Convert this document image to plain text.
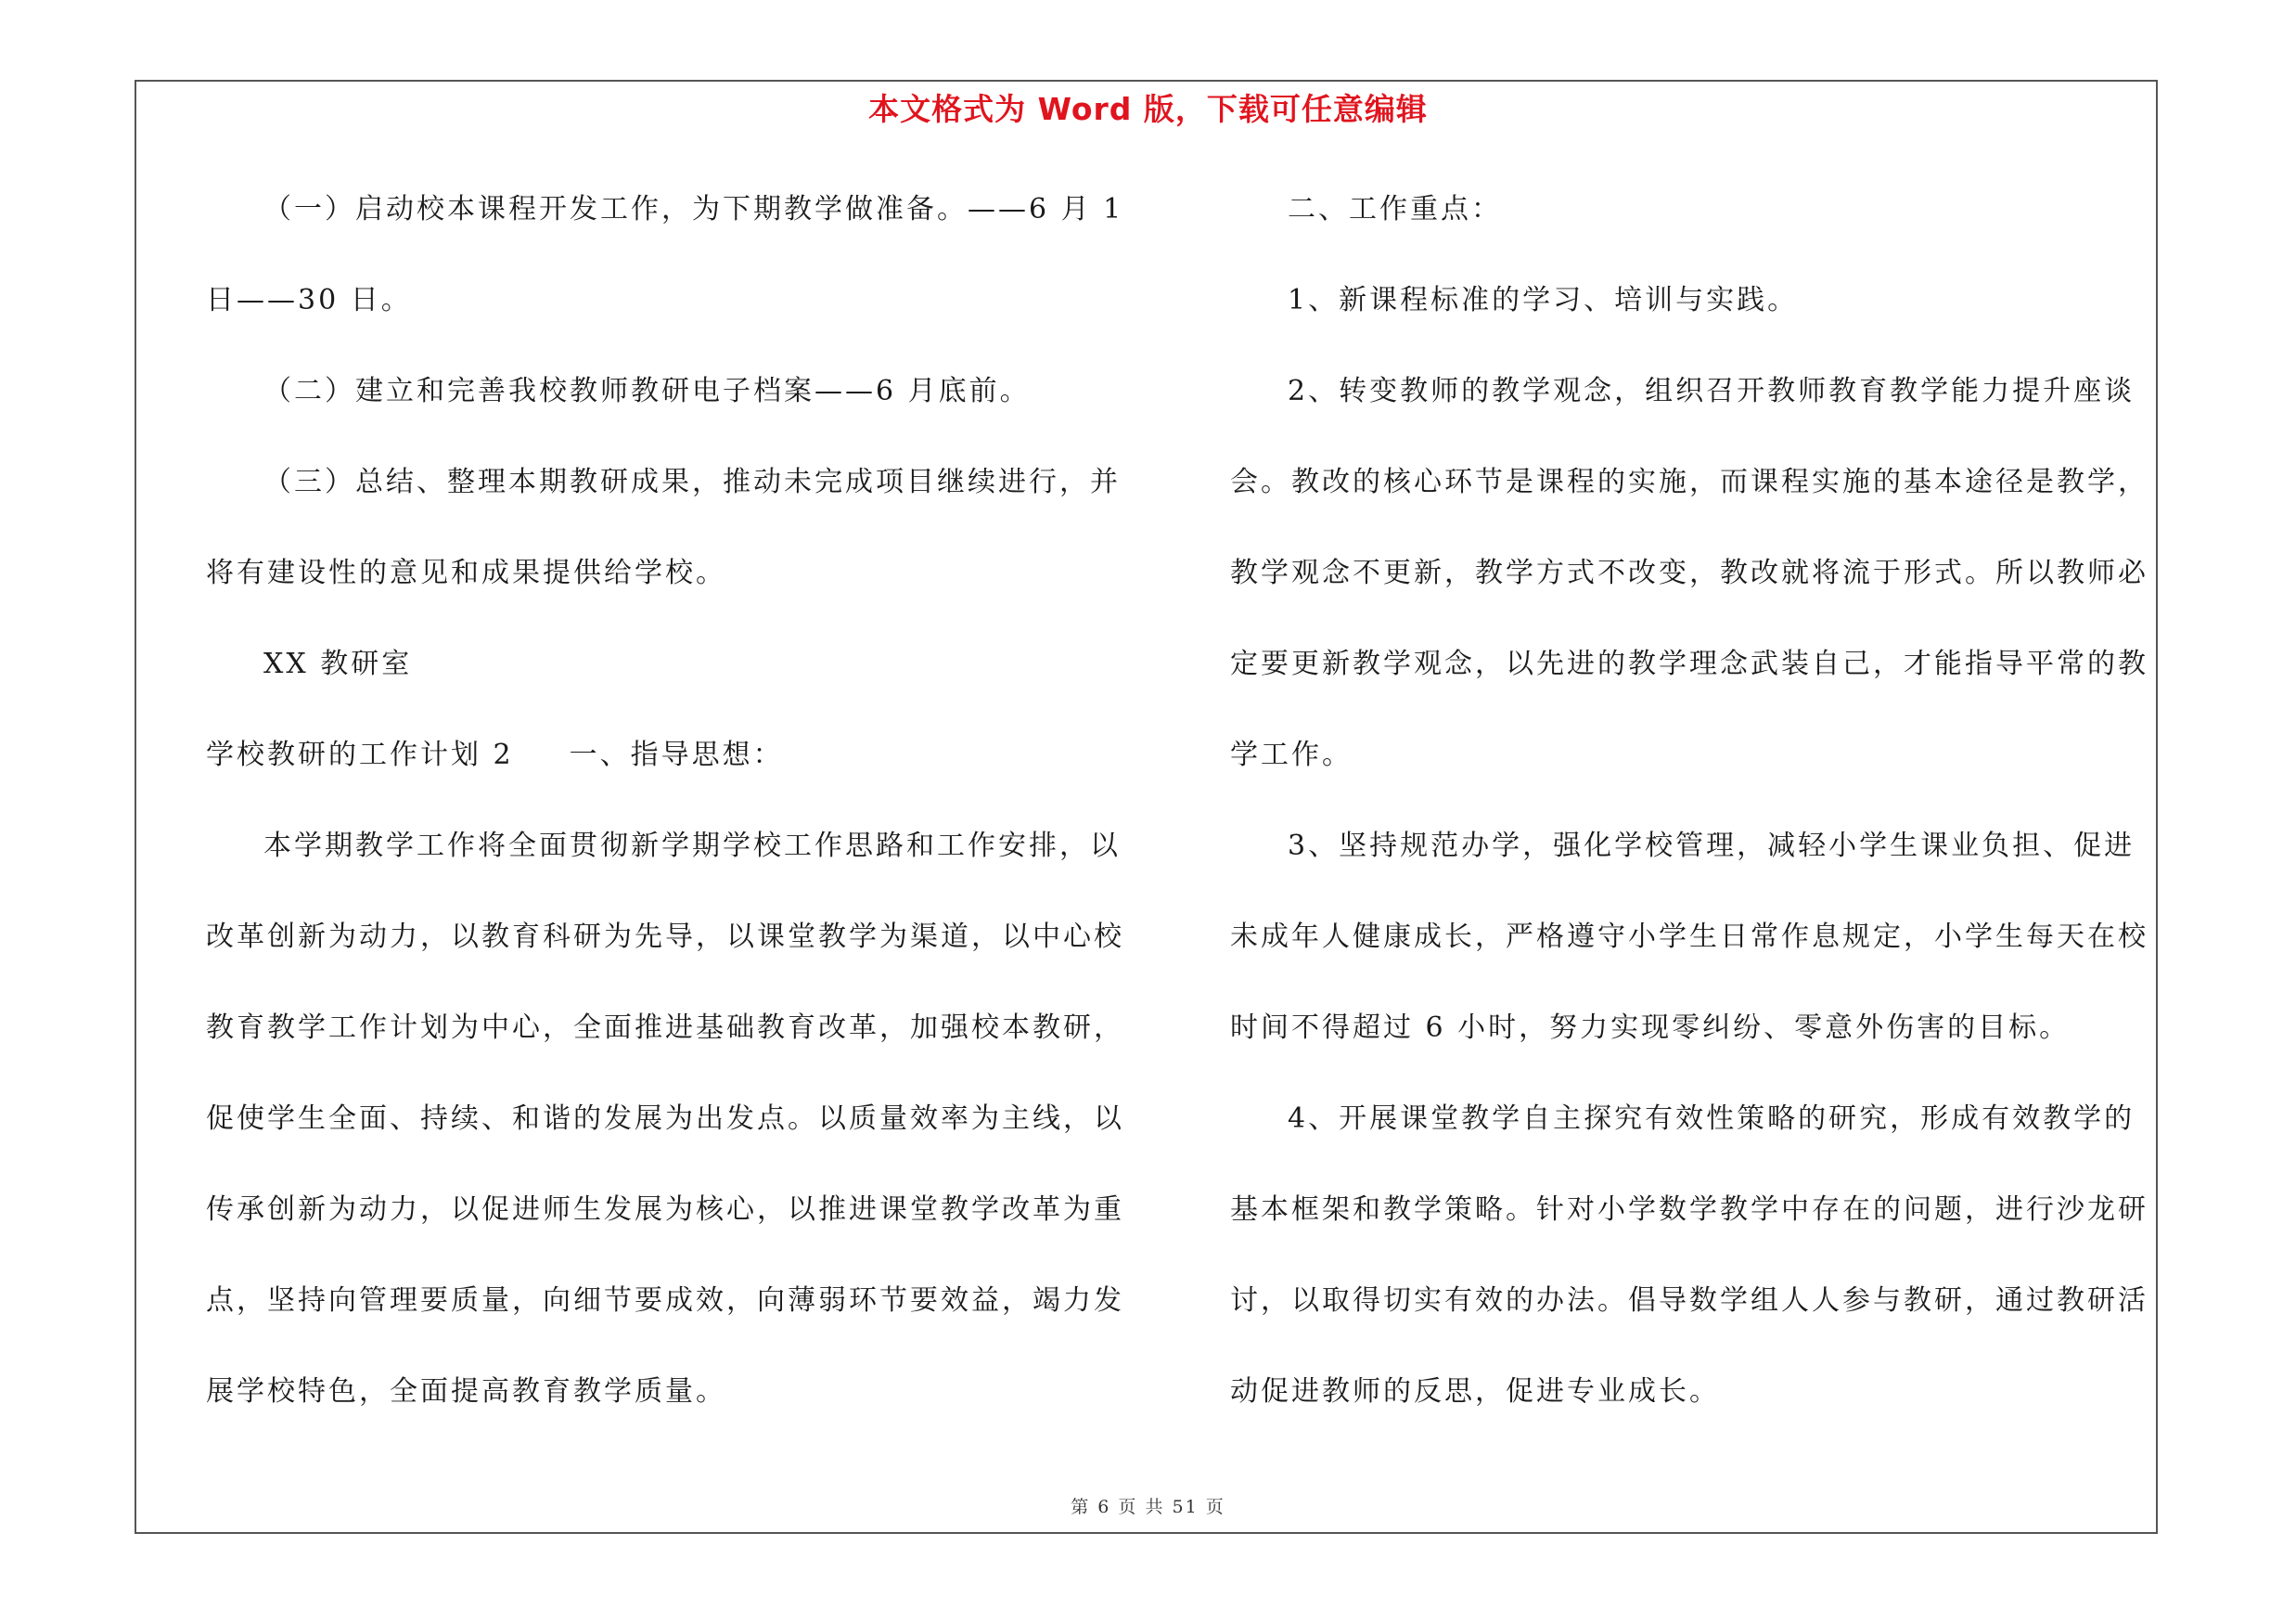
本文格式为 Word 版，下载可任意编辑
（一）启动校本课程开发工作，为下期教学做准备。——6 月 1
日——30 日。
（二）建立和完善我校教师教研电子档案——6 月底前。
（三）总结、整理本期教研成果，推动未完成项目继续进行，并
将有建设性的意见和成果提供给学校。
XX 教研室
学校教研的工作计划 2 一、指导思想：
本学期教学工作将全面贯彻新学期学校工作思路和工作安排，以
改革创新为动力，以教育科研为先导，以课堂教学为渠道，以中心校
教育教学工作计划为中心，全面推进基础教育改革，加强校本教研，
促使学生全面、持续、和谐的发展为出发点。以质量效率为主线，以
传承创新为动力，以促进师生发展为核心，以推进课堂教学改革为重
点，坚持向管理要质量，向细节要成效，向薄弱环节要效益，竭力发
展学校特色，全面提高教育教学质量。
二、工作重点：
1、新课程标准的学习、培训与实践。
2、转变教师的教学观念，组织召开教师教育教学能力提升座谈
会。教改的核心环节是课程的实施，而课程实施的基本途径是教学，
教学观念不更新，教学方式不改变，教改就将流于形式。所以教师必
定要更新教学观念，以先进的教学理念武装自己，才能指导平常的教
学工作。
3、坚持规范办学，强化学校管理，减轻小学生课业负担、促进
未成年人健康成长，严格遵守小学生日常作息规定，小学生每天在校
时间不得超过 6 小时，努力实现零纠纷、零意外伤害的目标。
4、开展课堂教学自主探究有效性策略的研究，形成有效教学的
基本框架和教学策略。针对小学数学教学中存在的问题，进行沙龙研
讨，以取得切实有效的办法。倡导数学组人人参与教研，通过教研活
动促进教师的反思，促进专业成长。
第 6 页 共 51 页
